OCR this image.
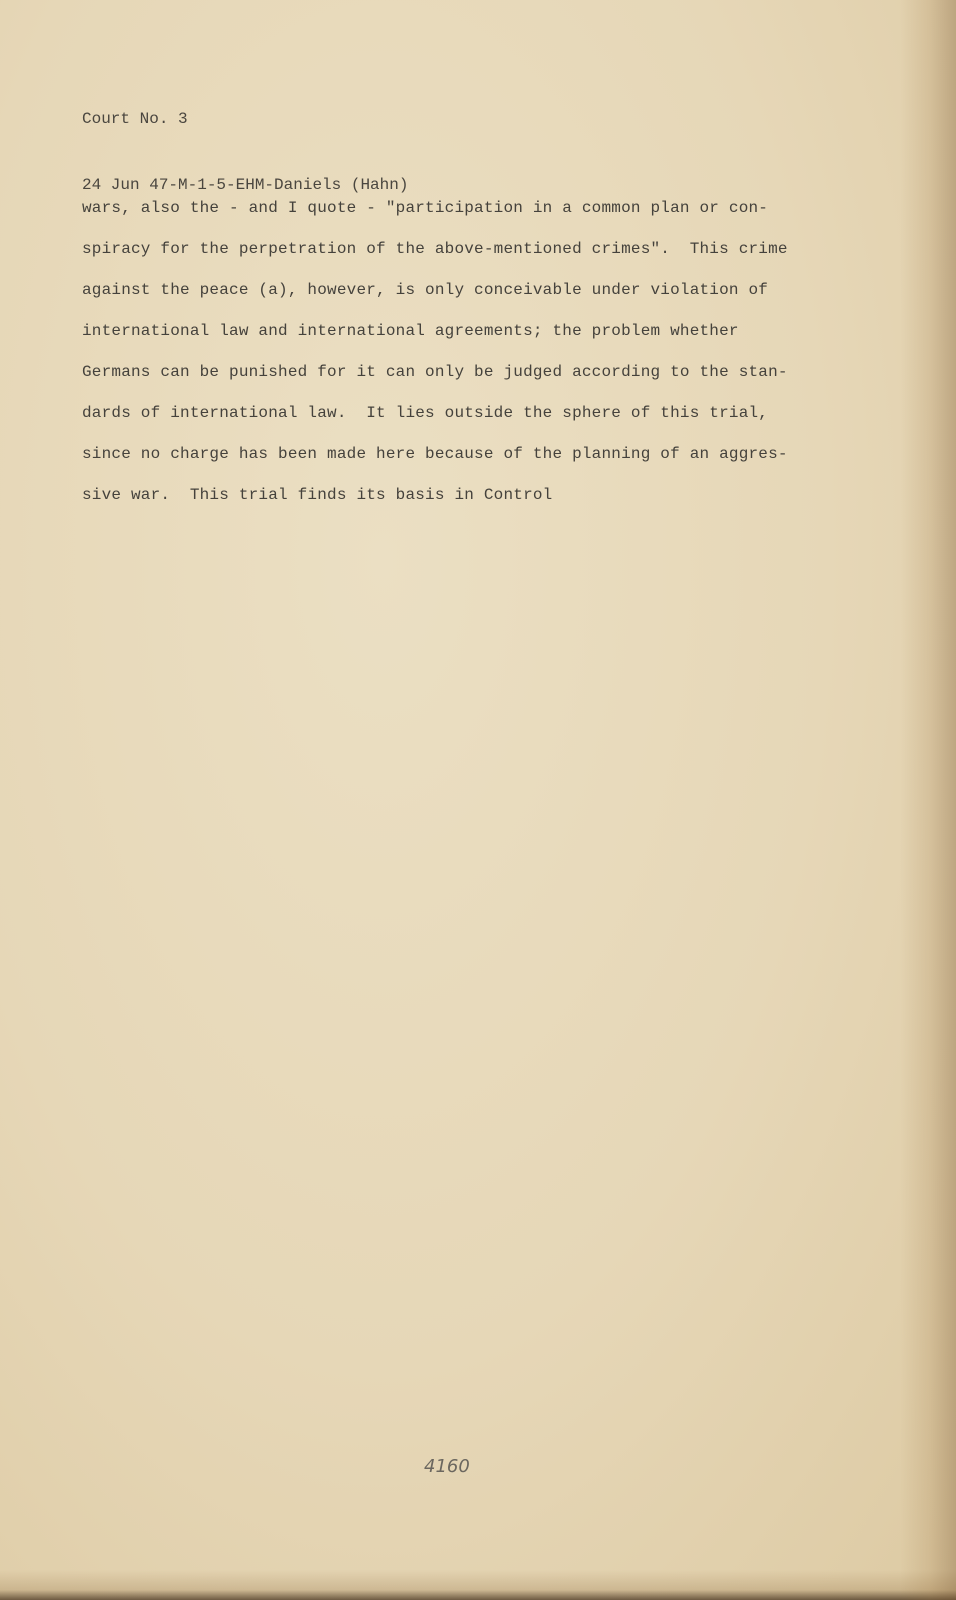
Court No. 3

24 Jun 47-M-1-5-EHM-Daniels (Hahn)

wars, also the - and I quote - "participation in a common plan or con-
spiracy for the perpetration of the above-mentioned crimes".  This crime
against the peace (a), however, is only conceivable under violation of
international law and international agreements; the problem whether
Germans can be punished for it can only be judged according to the stan-
dards of international law.  It lies outside the sphere of this trial,
since no charge has been made here because of the planning of an aggres-
sive war.  This trial finds its basis in Control
4160
